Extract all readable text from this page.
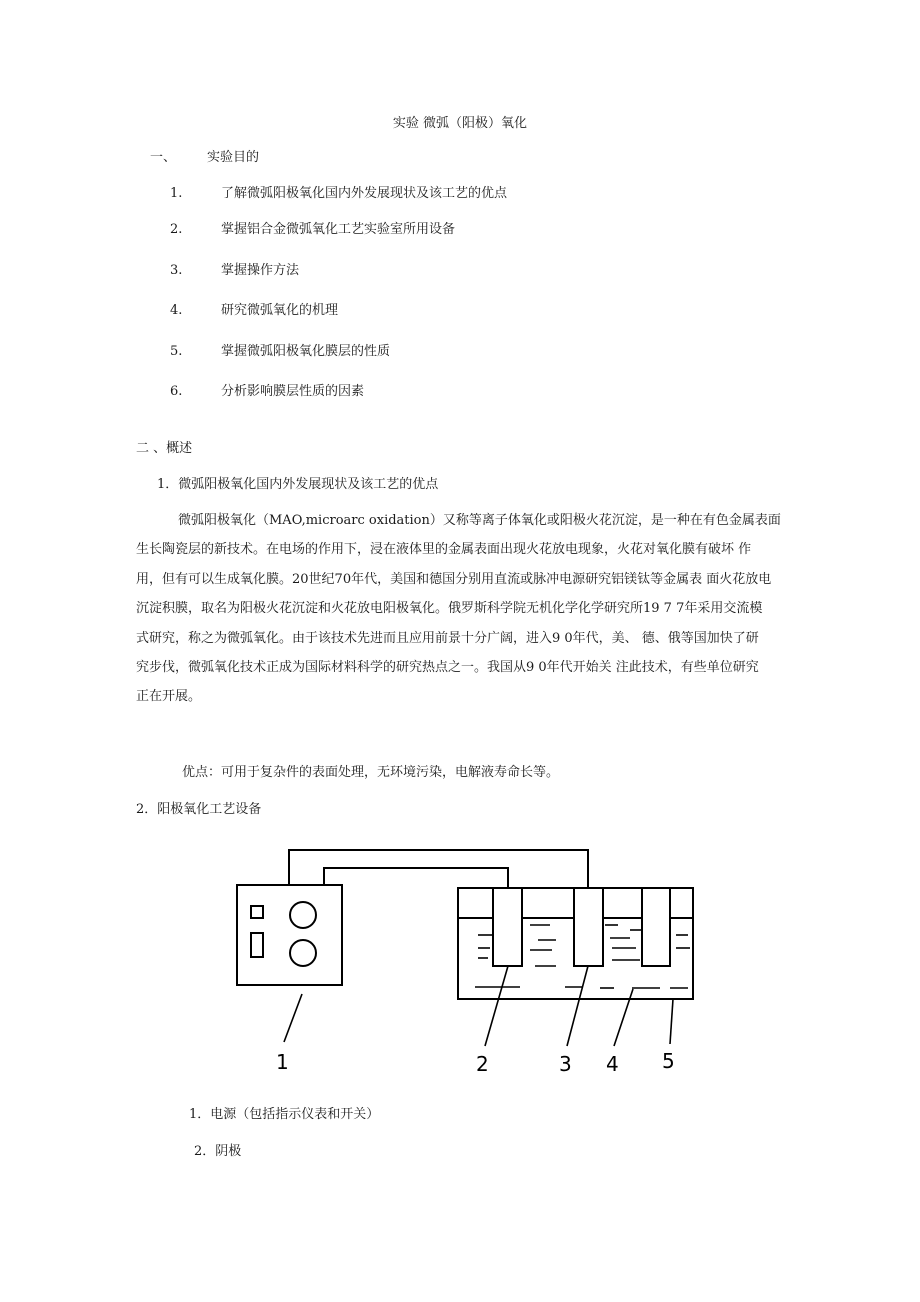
实验 微弧（阳极）氧化
一、 实验目的
1.	了解微弧阳极氧化国内外发展现状及该工艺的优点
2.	掌握铝合金微弧氧化工艺实验室所用设备
3.	掌握操作方法
4.	研究微弧氧化的机理
5.	掌握微弧阳极氧化膜层的性质
6.	分析影响膜层性质的因素
二 、概述
1．微弧阳极氧化国内外发展现状及该工艺的优点
微弧阳极氧化（MAO,microarc oxidation）又称等离子体氧化或阳极火花沉淀，是一种在有色金属表面
生长陶瓷层的新技术。在电场的作用下，浸在液体里的金属表面出现火花放电现象，火花对氧化膜有破坏 作
用，但有可以生成氧化膜。20世纪70年代，美国和德国分别用直流或脉冲电源研究铝镁钛等金属表 面火花放电
沉淀积膜，取名为阳极火花沉淀和火花放电阳极氧化。俄罗斯科学院无机化学化学研究所19 7 7年采用交流模
式研究，称之为微弧氧化。由于该技术先进而且应用前景十分广阔，进入9 0年代，美、 德、俄等国加快了研
究步伐，微弧氧化技术正成为国际材料科学的研究热点之一。我国从9 0年代开始关 注此技术，有些单位研究
正在开展。
优点：可用于复杂件的表面处理，无环境污染，电解液寿命长等。
2．阳极氧化工艺设备
1	2	3 4 5
1．电源（包括指示仪表和开关）
2．阴极
